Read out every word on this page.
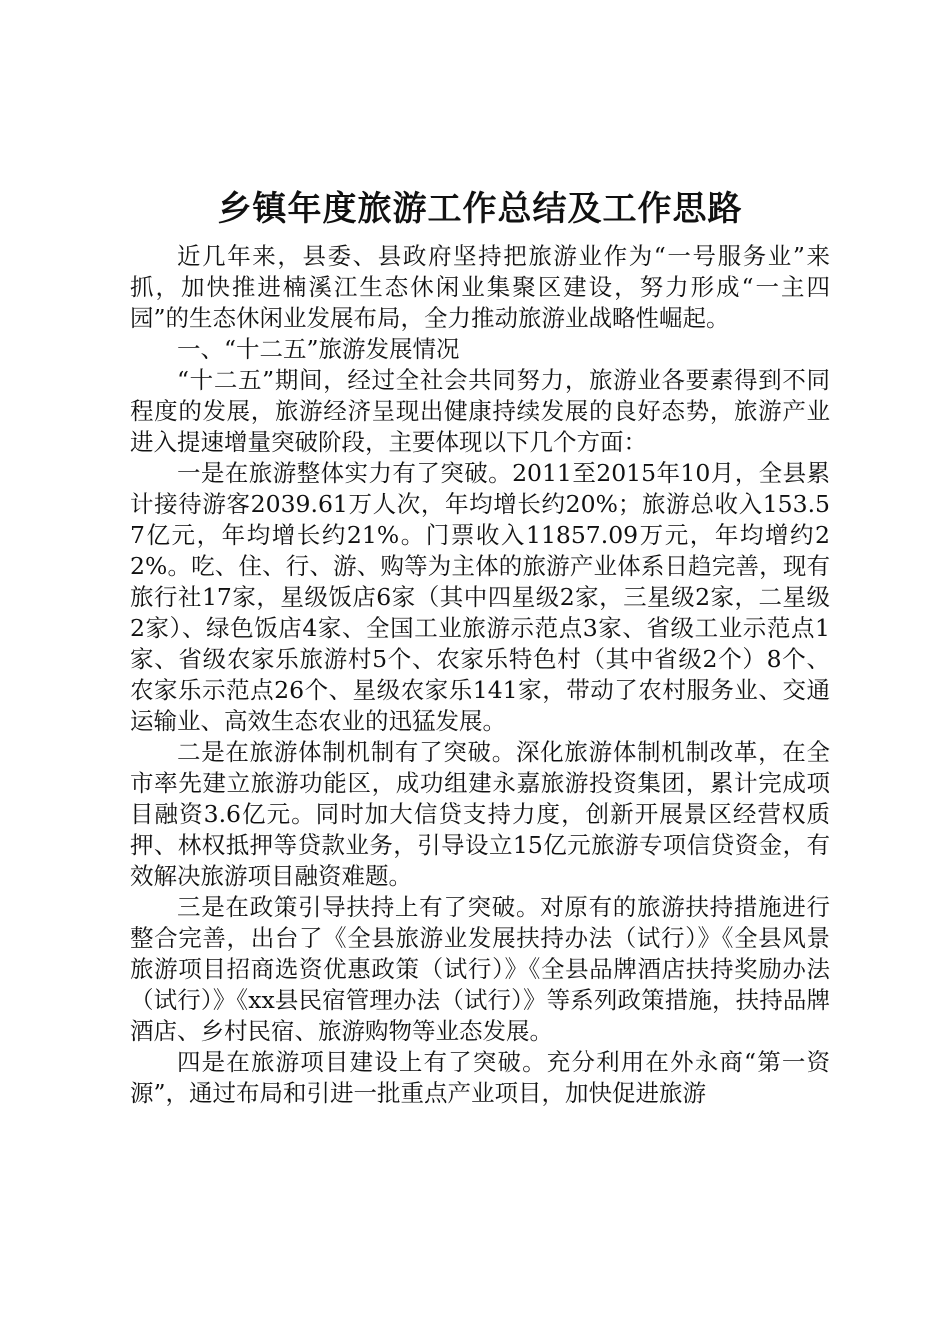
乡镇年度旅游工作总结及工作思路

近几年来，县委、县政府坚持把旅游业作为“一号服务业”来抓，加快推进楠溪江生态休闲业集聚区建设，努力形成“一主四园”的生态休闲业发展布局，全力推动旅游业战略性崛起。

一、“十二五”旅游发展情况

“十二五”期间，经过全社会共同努力，旅游业各要素得到不同程度的发展，旅游经济呈现出健康持续发展的良好态势，旅游产业进入提速增量突破阶段，主要体现以下几个方面：

一是在旅游整体实力有了突破。2011至2015年10月，全县累计接待游客2039.61万人次，年均增长约20%；旅游总收入153.57亿元，年均增长约21%。门票收入11857.09万元，年均增约22%。吃、住、行、游、购等为主体的旅游产业体系日趋完善，现有旅行社17家，星级饭店6家（其中四星级2家，三星级2家，二星级2家）、绿色饭店4家、全国工业旅游示范点3家、省级工业示范点1家、省级农家乐旅游村5个、农家乐特色村（其中省级2个）8个、农家乐示范点26个、星级农家乐141家，带动了农村服务业、交通运输业、高效生态农业的迅猛发展。

二是在旅游体制机制有了突破。深化旅游体制机制改革，在全市率先建立旅游功能区，成功组建永嘉旅游投资集团，累计完成项目融资3.6亿元。同时加大信贷支持力度，创新开展景区经营权质押、林权抵押等贷款业务，引导设立15亿元旅游专项信贷资金，有效解决旅游项目融资难题。

三是在政策引导扶持上有了突破。对原有的旅游扶持措施进行整合完善，出台了《全县旅游业发展扶持办法（试行）》《全县风景旅游项目招商选资优惠政策（试行）》《全县品牌酒店扶持奖励办法（试行）》《xx县民宿管理办法（试行）》等系列政策措施，扶持品牌酒店、乡村民宿、旅游购物等业态发展。

四是在旅游项目建设上有了突破。充分利用在外永商“第一资源”，通过布局和引进一批重点产业项目，加快促进旅游
